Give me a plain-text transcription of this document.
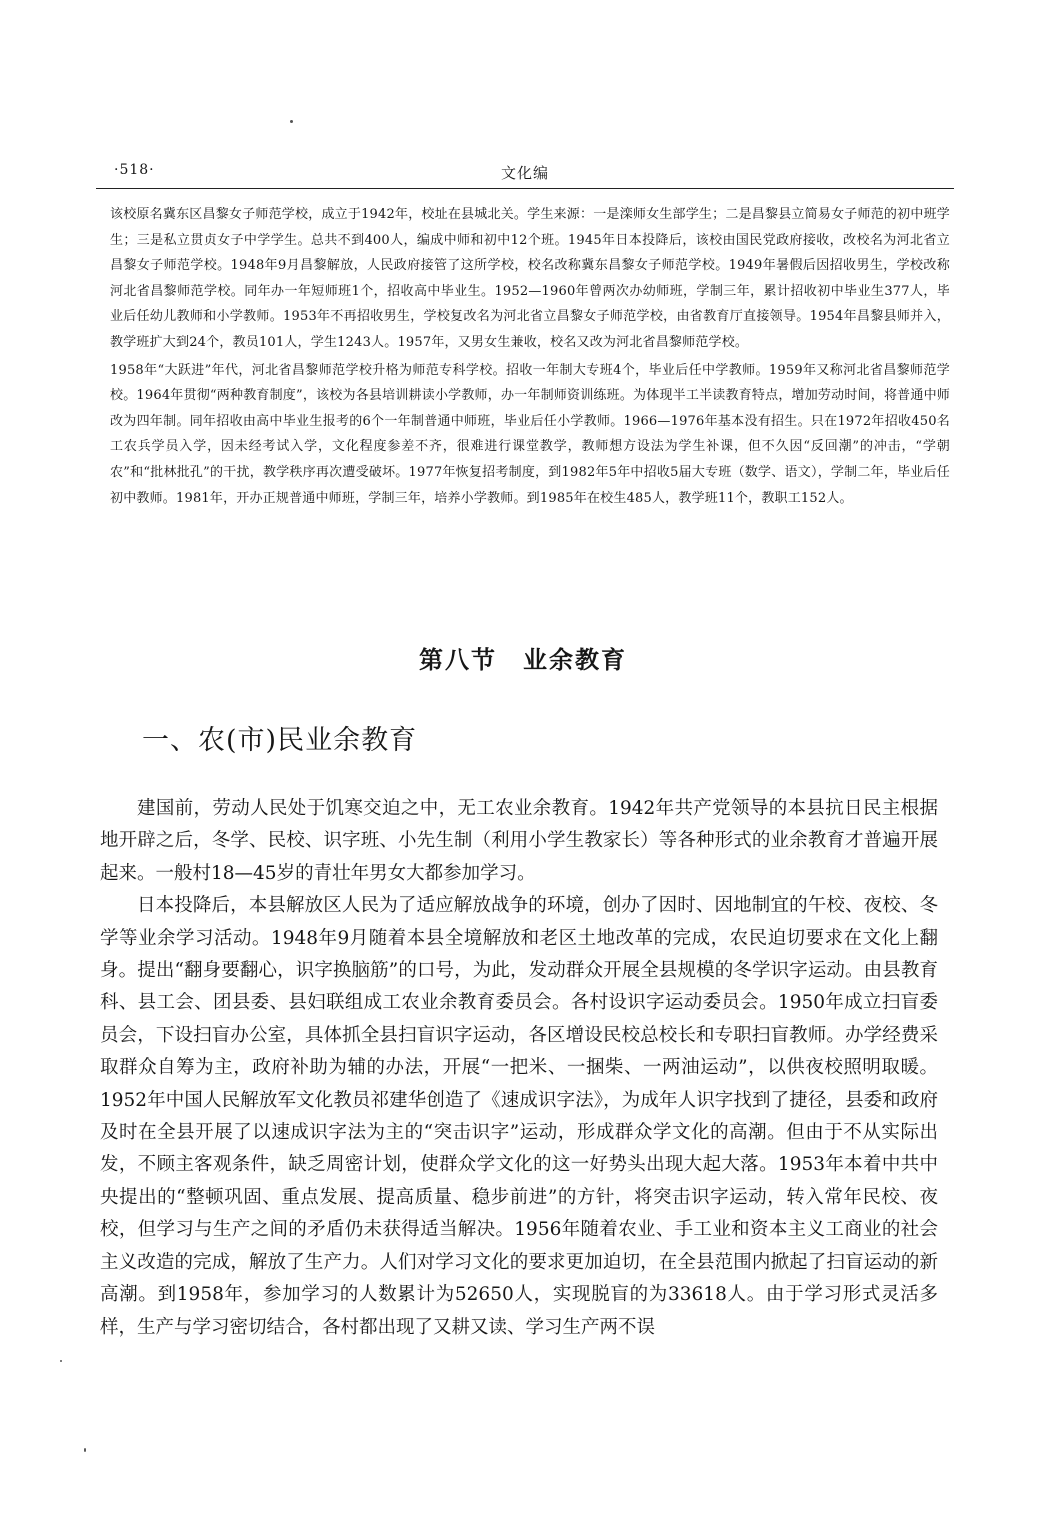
·518·	文化编

该校原名冀东区昌黎女子师范学校，成立于1942年，校址在县城北关。学生来源：一是滦师女生部学生；二是昌黎县立简易女子师范的初中班学生；三是私立贯贞女子中学学生。总共不到400人，编成中师和初中12个班。1945年日本投降后，该校由国民党政府接收，改校名为河北省立昌黎女子师范学校。1948年9月昌黎解放，人民政府接管了这所学校，校名改称冀东昌黎女子师范学校。1949年暑假后因招收男生，学校改称河北省昌黎师范学校。同年办一年短师班1个，招收高中毕业生。1952—1960年曾两次办幼师班，学制三年，累计招收初中毕业生377人，毕业后任幼儿教师和小学教师。1953年不再招收男生，学校复改名为河北省立昌黎女子师范学校，由省教育厅直接领导。1954年昌黎县师并入，教学班扩大到24个，教员101人，学生1243人。1957年，又男女生兼收，校名又改为河北省昌黎师范学校。

1958年“大跃进”年代，河北省昌黎师范学校升格为师范专科学校。招收一年制大专班4个，毕业后任中学教师。1959年又称河北省昌黎师范学校。1964年贯彻“两种教育制度”，该校为各县培训耕读小学教师，办一年制师资训练班。为体现半工半读教育特点，增加劳动时间，将普通中师改为四年制。同年招收由高中毕业生报考的6个一年制普通中师班，毕业后任小学教师。1966—1976年基本没有招生。只在1972年招收450名工农兵学员入学，因未经考试入学，文化程度参差不齐，很难进行课堂教学，教师想方设法为学生补课，但不久因“反回潮”的冲击，“学朝农”和“批林批孔”的干扰，教学秩序再次遭受破坏。1977年恢复招考制度，到1982年5年中招收5届大专班（数学、语文），学制二年，毕业后任初中教师。1981年，开办正规普通中师班，学制三年，培养小学教师。到1985年在校生485人，教学班11个，教职工152人。

第八节　业余教育
一、农(市)民业余教育

建国前，劳动人民处于饥寒交迫之中，无工农业余教育。1942年共产党领导的本县抗日民主根据地开辟之后，冬学、民校、识字班、小先生制（利用小学生教家长）等各种形式的业余教育才普遍开展起来。一般村18—45岁的青壮年男女大都参加学习。

日本投降后，本县解放区人民为了适应解放战争的环境，创办了因时、因地制宜的午校、夜校、冬学等业余学习活动。1948年9月随着本县全境解放和老区土地改革的完成，农民迫切要求在文化上翻身。提出“翻身要翻心，识字换脑筋”的口号，为此，发动群众开展全县规模的冬学识字运动。由县教育科、县工会、团县委、县妇联组成工农业余教育委员会。各村设识字运动委员会。1950年成立扫盲委员会，下设扫盲办公室，具体抓全县扫盲识字运动，各区增设民校总校长和专职扫盲教师。办学经费采取群众自筹为主，政府补助为辅的办法，开展“一把米、一捆柴、一两油运动”，以供夜校照明取暖。1952年中国人民解放军文化教员祁建华创造了《速成识字法》，为成年人识字找到了捷径，县委和政府及时在全县开展了以速成识字法为主的“突击识字”运动，形成群众学文化的高潮。但由于不从实际出发，不顾主客观条件，缺乏周密计划，使群众学文化的这一好势头出现大起大落。1953年本着中共中央提出的“整顿巩固、重点发展、提高质量、稳步前进”的方针，将突击识字运动，转入常年民校、夜校，但学习与生产之间的矛盾仍未获得适当解决。1956年随着农业、手工业和资本主义工商业的社会主义改造的完成，解放了生产力。人们对学习文化的要求更加迫切，在全县范围内掀起了扫盲运动的新高潮。到1958年，参加学习的人数累计为52650人，实现脱盲的为33618人。由于学习形式灵活多样，生产与学习密切结合，各村都出现了又耕又读、学习生产两不误
